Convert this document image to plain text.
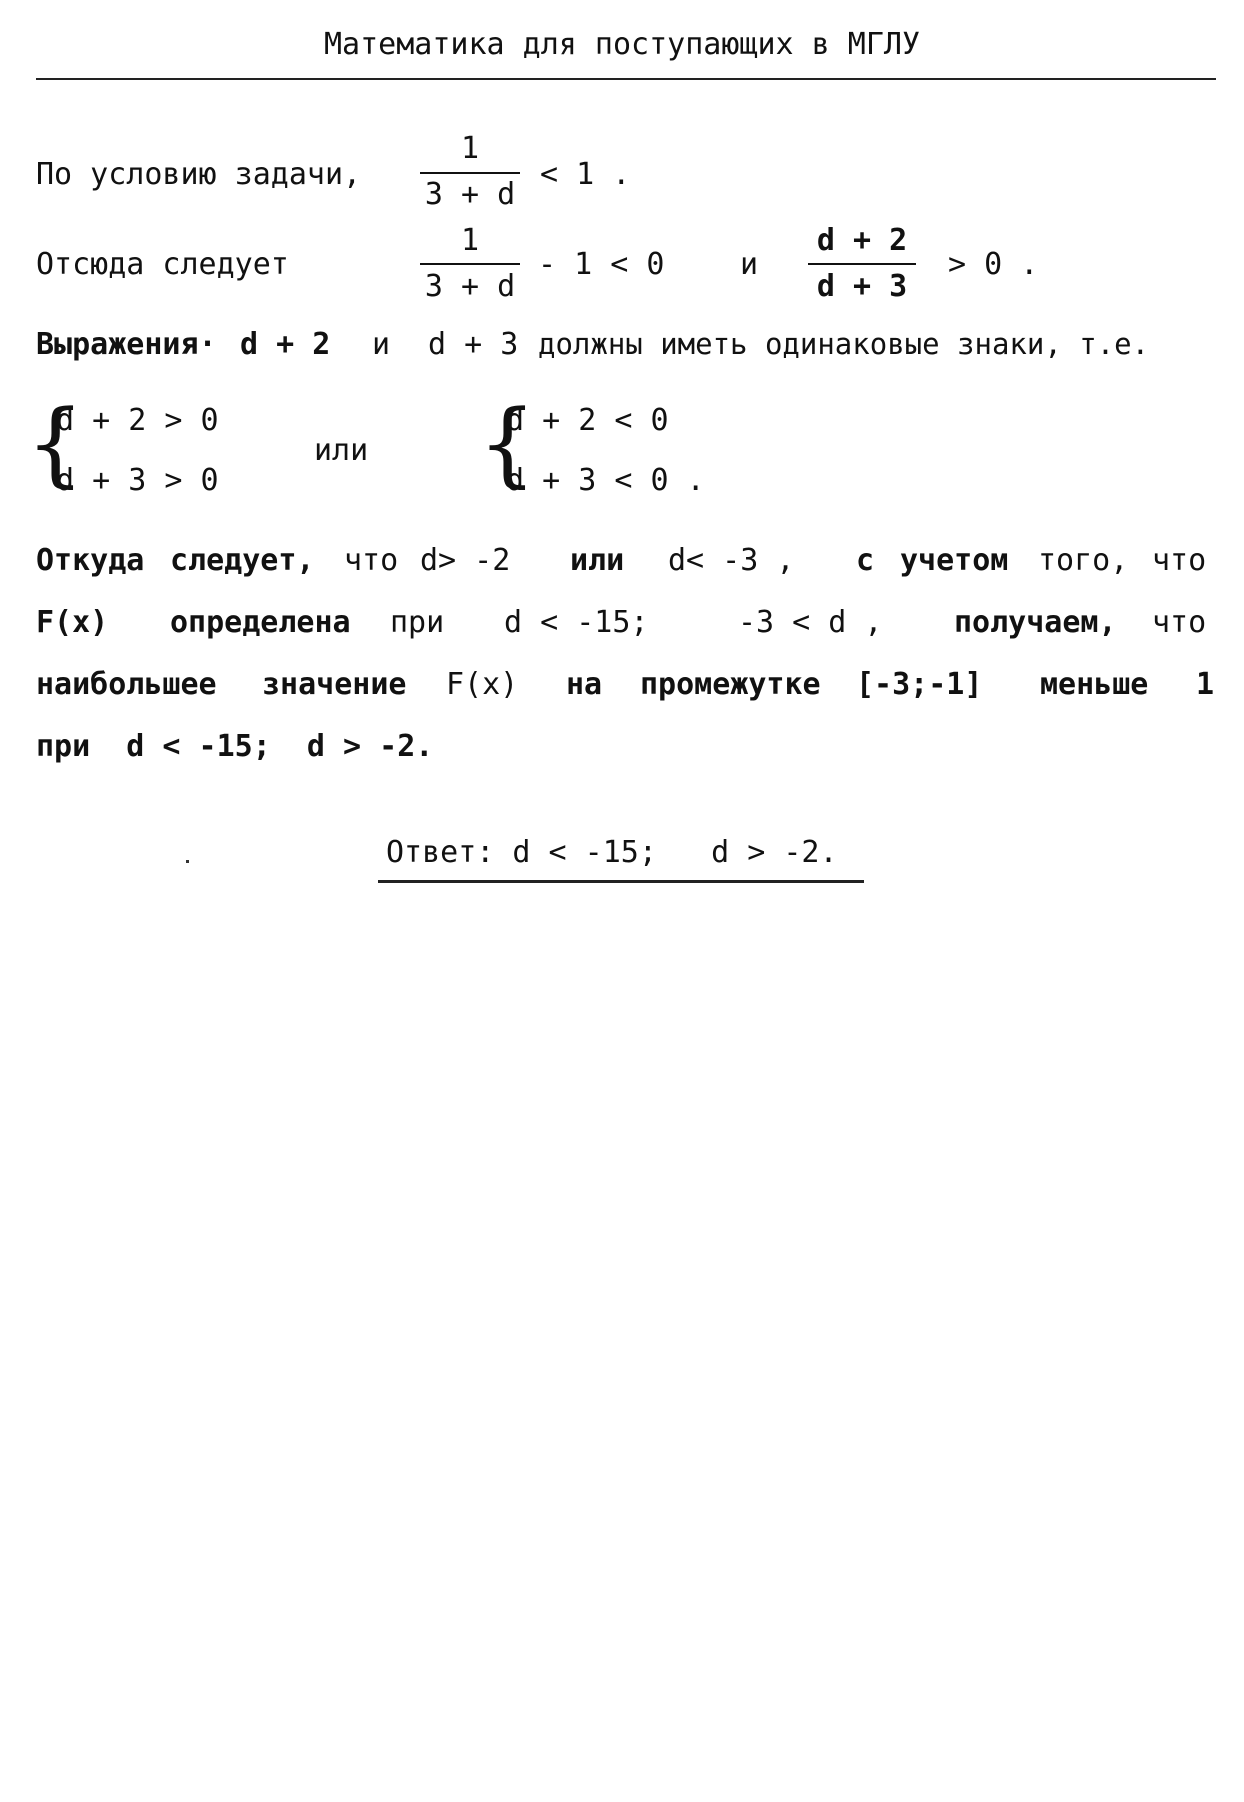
Математика для поступающих в МГЛУ
По условию задачи,
1
3 + d
< 1 .
Отсюда следует
1
3 + d
- 1 < 0	и
d + 2
d + 3
> 0 .
Выражения· d + 2 и d + 3 должны иметь одинаковые знаки, т.е.
{
d + 2 > 0
d + 3 > 0
или {
d + 2 < 0
d + 3 < 0 .
Откуда следует, что d> -2 или d< -3 , с учетом того, что
F(x) определена при d < -15;	-3 < d , получаем, что
наибольшее значение F(x) на промежутке [-3;-1] меньше 1
при  d < -15;  d > -2.
Ответ: d < -15;   d > -2.
